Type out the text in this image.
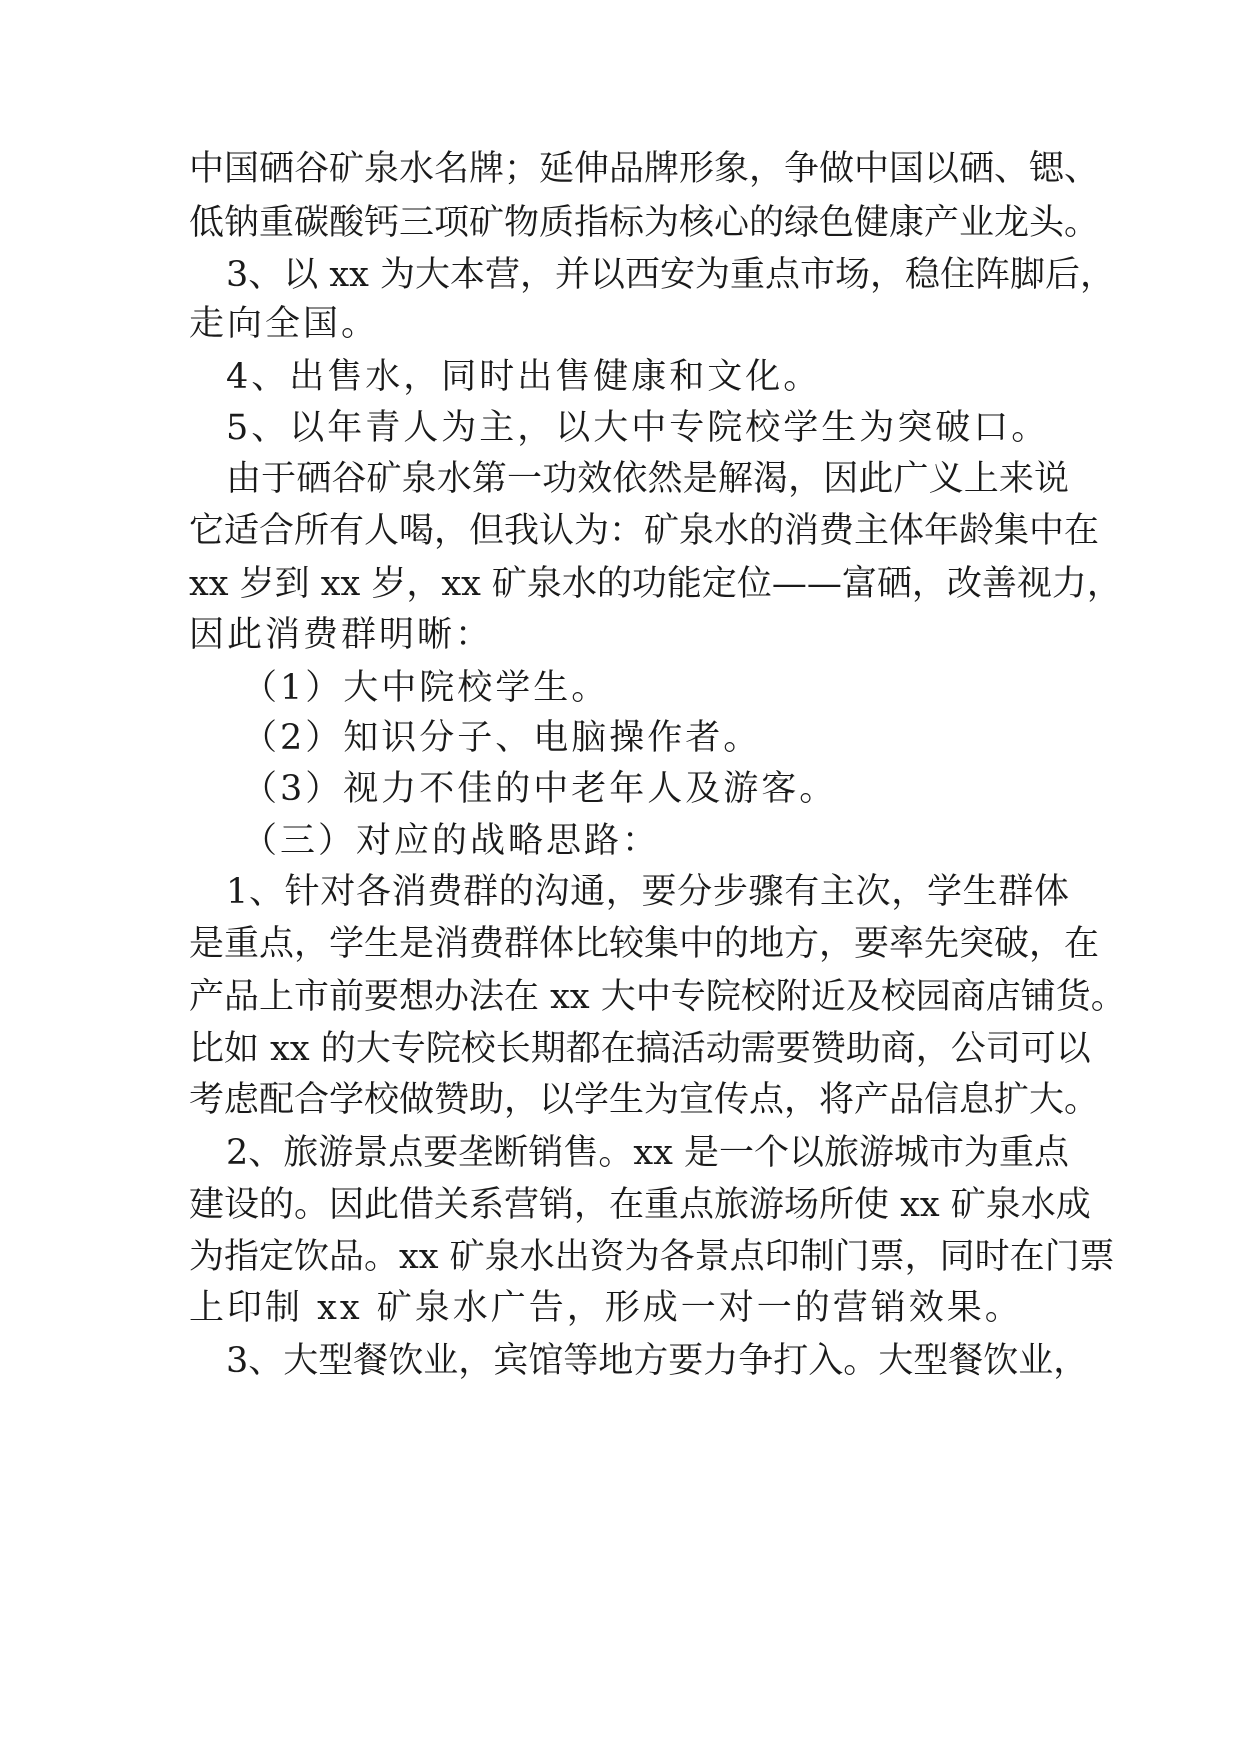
中国硒谷矿泉水名牌；延伸品牌形象，争做中国以硒、锶、
低钠重碳酸钙三项矿物质指标为核心的绿色健康产业龙头。
3、以 xx 为大本营，并以西安为重点市场，稳住阵脚后，
走向全国。
4、出售水，同时出售健康和文化。
5、以年青人为主，以大中专院校学生为突破口。
由于硒谷矿泉水第一功效依然是解渴，因此广义上来说
它适合所有人喝，但我认为：矿泉水的消费主体年龄集中在
xx 岁到 xx 岁，xx 矿泉水的功能定位——富硒，改善视力，
因此消费群明晰：
（1）大中院校学生。
（2）知识分子、电脑操作者。
（3）视力不佳的中老年人及游客。
（三）对应的战略思路：
1、针对各消费群的沟通，要分步骤有主次，学生群体
是重点，学生是消费群体比较集中的地方，要率先突破，在
产品上市前要想办法在 xx 大中专院校附近及校园商店铺货。
比如 xx 的大专院校长期都在搞活动需要赞助商，公司可以
考虑配合学校做赞助，以学生为宣传点，将产品信息扩大。
2、旅游景点要垄断销售。xx 是一个以旅游城市为重点
建设的。因此借关系营销，在重点旅游场所使 xx 矿泉水成
为指定饮品。xx 矿泉水出资为各景点印制门票，同时在门票
上印制 xx 矿泉水广告，形成一对一的营销效果。
3、大型餐饮业，宾馆等地方要力争打入。大型餐饮业，
